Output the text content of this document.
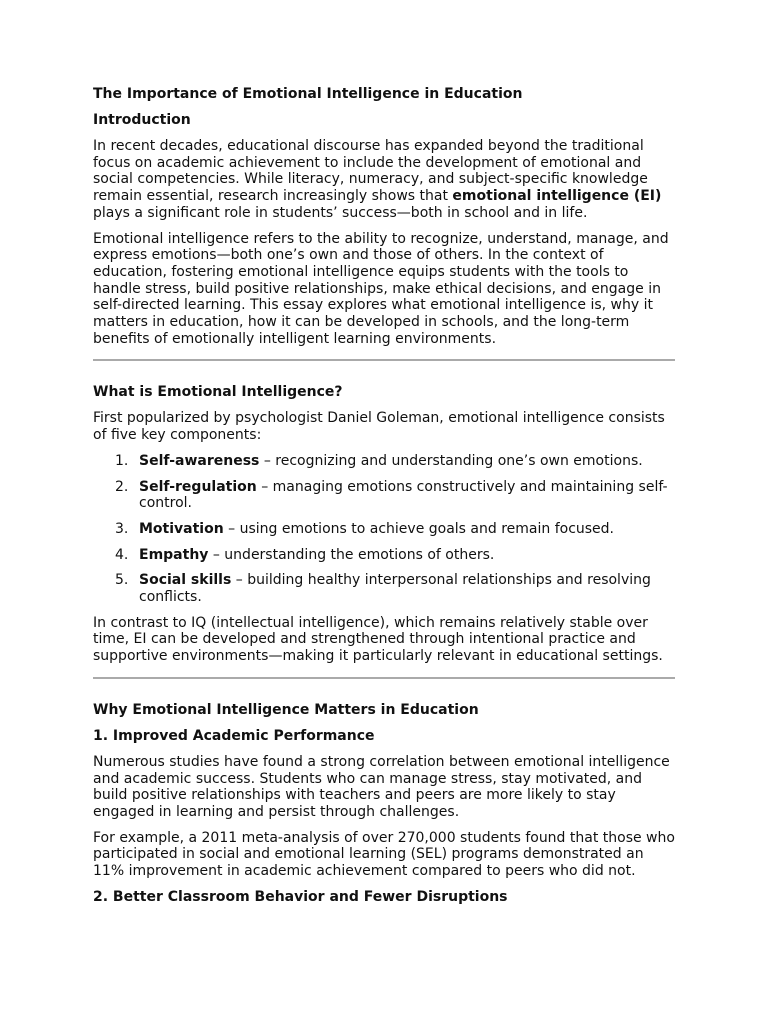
The Importance of Emotional Intelligence in Education
Introduction

In recent decades, educational discourse has expanded beyond the traditional focus on academic achievement to include the development of emotional and social competencies. While literacy, numeracy, and subject-specific knowledge remain essential, research increasingly shows that emotional intelligence (EI) plays a significant role in students’ success—both in school and in life.

Emotional intelligence refers to the ability to recognize, understand, manage, and express emotions—both one’s own and those of others. In the context of education, fostering emotional intelligence equips students with the tools to handle stress, build positive relationships, make ethical decisions, and engage in self-directed learning. This essay explores what emotional intelligence is, why it matters in education, how it can be developed in schools, and the long-term benefits of emotionally intelligent learning environments.

What is Emotional Intelligence?

First popularized by psychologist Daniel Goleman, emotional intelligence consists of five key components:

1. Self-awareness – recognizing and understanding one’s own emotions.
2. Self-regulation – managing emotions constructively and maintaining self-control.
3. Motivation – using emotions to achieve goals and remain focused.
4. Empathy – understanding the emotions of others.
5. Social skills – building healthy interpersonal relationships and resolving conflicts.

In contrast to IQ (intellectual intelligence), which remains relatively stable over time, EI can be developed and strengthened through intentional practice and supportive environments—making it particularly relevant in educational settings.

Why Emotional Intelligence Matters in Education
1. Improved Academic Performance

Numerous studies have found a strong correlation between emotional intelligence and academic success. Students who can manage stress, stay motivated, and build positive relationships with teachers and peers are more likely to stay engaged in learning and persist through challenges.

For example, a 2011 meta-analysis of over 270,000 students found that those who participated in social and emotional learning (SEL) programs demonstrated an 11% improvement in academic achievement compared to peers who did not.

2. Better Classroom Behavior and Fewer Disruptions
